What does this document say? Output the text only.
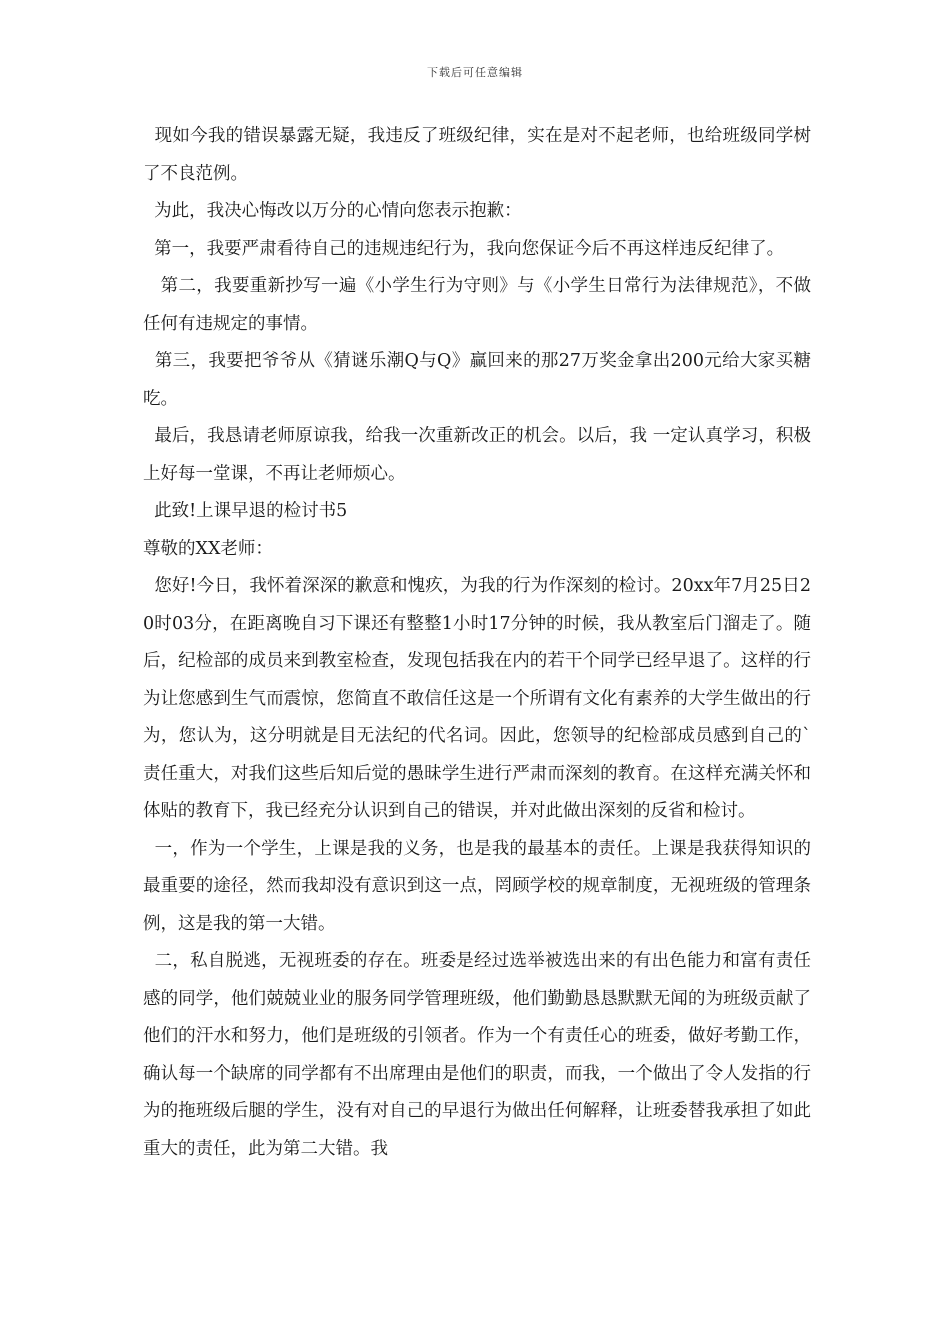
下载后可任意编辑

现如今我的错误暴露无疑，我违反了班级纪律，实在是对不起老师，也给班级同学树了不良范例。

为此，我决心悔改以万分的心情向您表示抱歉：

第一，我要严肃看待自己的违规违纪行为，我向您保证今后不再这样违反纪律了。

第二，我要重新抄写一遍《小学生行为守则》与《小学生日常行为法律规范》，不做任何有违规定的事情。

第三，我要把爷爷从《猜谜乐潮Q与Q》赢回来的那27万奖金拿出200元给大家买糖吃。

最后，我恳请老师原谅我，给我一次重新改正的机会。以后，我 一定认真学习，积极上好每一堂课，不再让老师烦心。

此致!上课早退的检讨书5

尊敬的XX老师：

您好!今日，我怀着深深的歉意和愧疚，为我的行为作深刻的检讨。20xx年7月25日20时03分，在距离晚自习下课还有整整1小时17分钟的时候，我从教室后门溜走了。随后，纪检部的成员来到教室检查，发现包括我在内的若干个同学已经早退了。这样的行为让您感到生气而震惊，您简直不敢信任这是一个所谓有文化有素养的大学生做出的行为，您认为，这分明就是目无法纪的代名词。因此，您领导的纪检部成员感到自己的`责任重大，对我们这些后知后觉的愚昧学生进行严肃而深刻的教育。在这样充满关怀和体贴的教育下，我已经充分认识到自己的错误，并对此做出深刻的反省和检讨。

一，作为一个学生，上课是我的义务，也是我的最基本的责任。上课是我获得知识的最重要的途径，然而我却没有意识到这一点，罔顾学校的规章制度，无视班级的管理条例，这是我的第一大错。

二，私自脱逃，无视班委的存在。班委是经过选举被选出来的有出色能力和富有责任感的同学，他们兢兢业业的服务同学管理班级，他们勤勤恳恳默默无闻的为班级贡献了他们的汗水和努力，他们是班级的引领者。作为一个有责任心的班委，做好考勤工作，确认每一个缺席的同学都有不出席理由是他们的职责，而我，一个做出了令人发指的行为的拖班级后腿的学生，没有对自己的早退行为做出任何解释，让班委替我承担了如此重大的责任，此为第二大错。我
